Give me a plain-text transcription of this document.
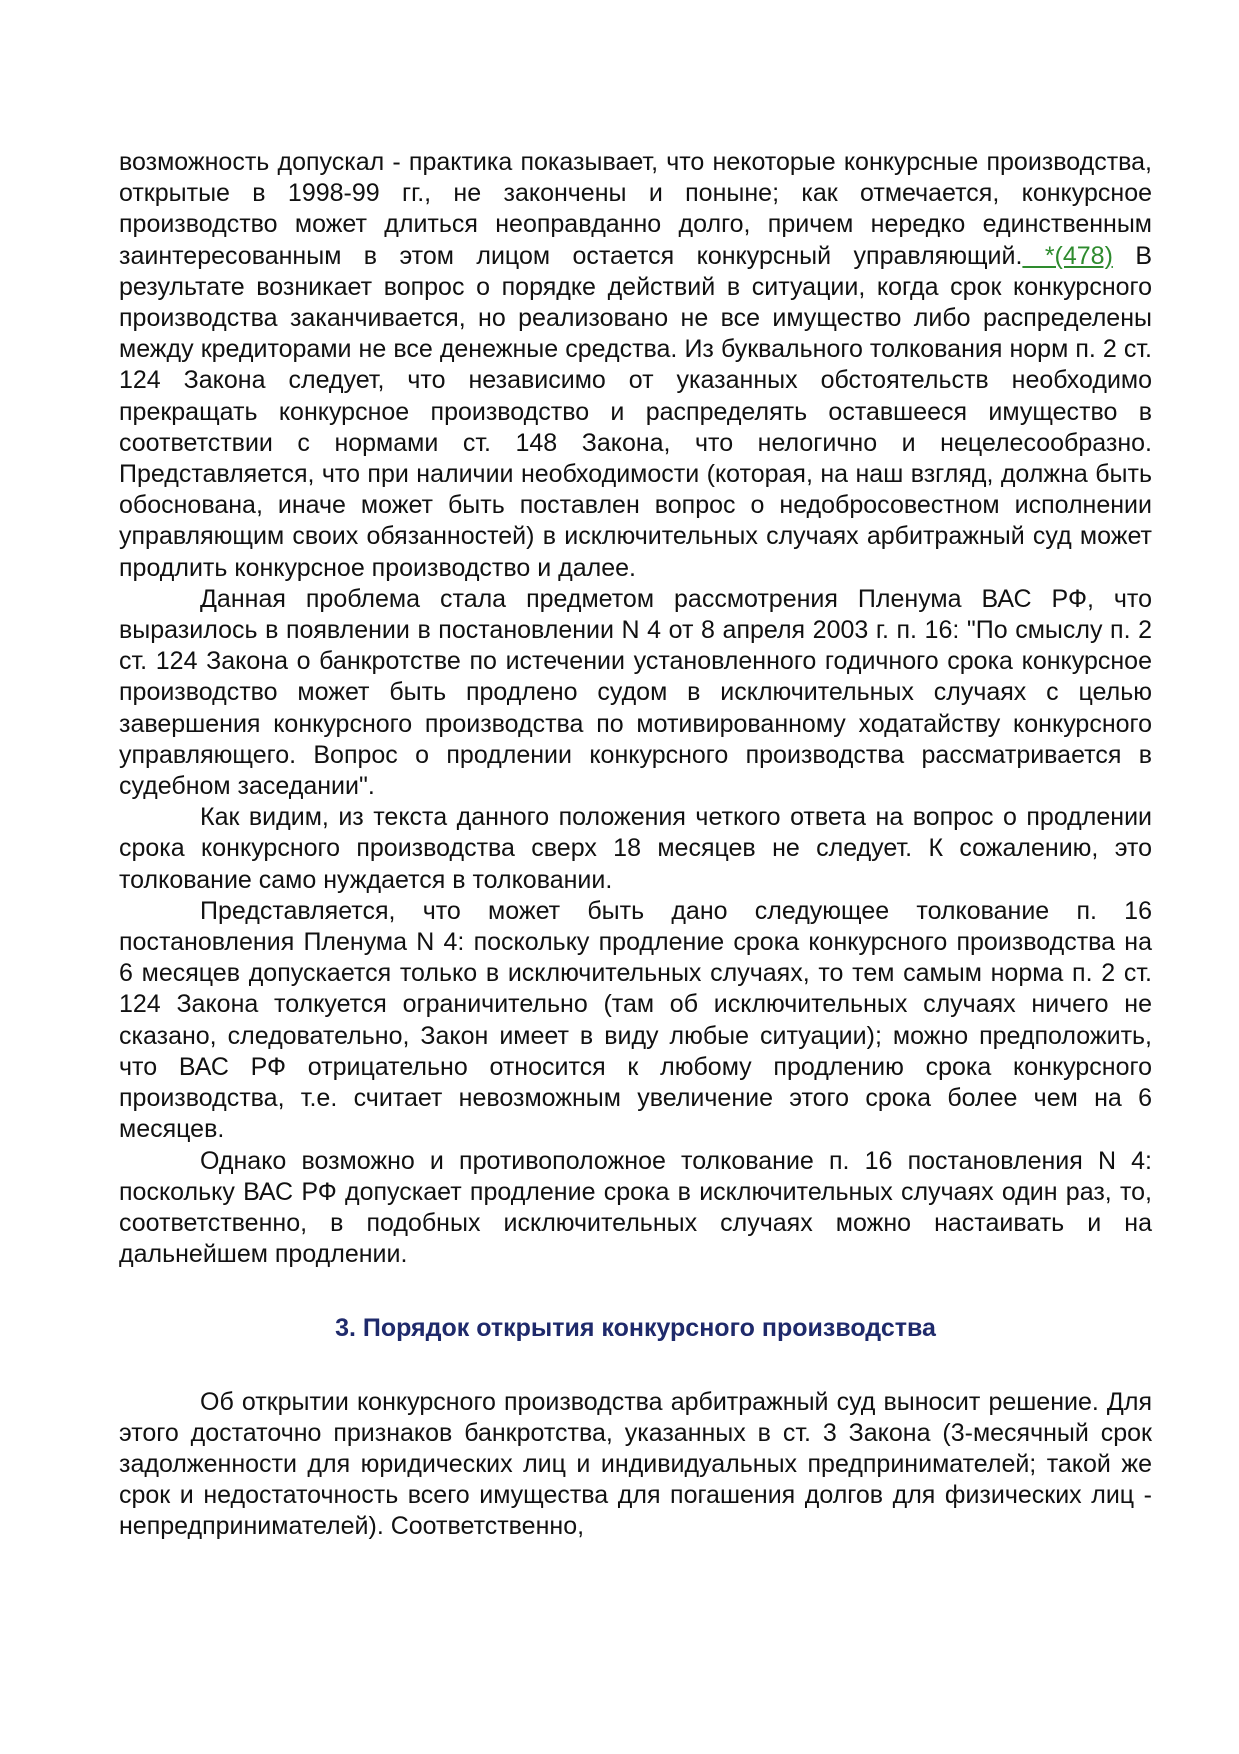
возможность допускал - практика показывает, что некоторые конкурсные производства, открытые в 1998-99 гг., не закончены и поныне; как отмечается, конкурсное производство может длиться неоправданно долго, причем нередко единственным заинтересованным в этом лицом остается конкурсный управляющий. *(478) В результате возникает вопрос о порядке действий в ситуации, когда срок конкурсного производства заканчивается, но реализовано не все имущество либо распределены между кредиторами не все денежные средства. Из буквального толкования норм п. 2 ст. 124 Закона следует, что независимо от указанных обстоятельств необходимо прекращать конкурсное производство и распределять оставшееся имущество в соответствии с нормами ст. 148 Закона, что нелогично и нецелесообразно. Представляется, что при наличии необходимости (которая, на наш взгляд, должна быть обоснована, иначе может быть поставлен вопрос о недобросовестном исполнении управляющим своих обязанностей) в исключительных случаях арбитражный суд может продлить конкурсное производство и далее.

Данная проблема стала предметом рассмотрения Пленума ВАС РФ, что выразилось в появлении в постановлении N 4 от 8 апреля 2003 г. п. 16: "По смыслу п. 2 ст. 124 Закона о банкротстве по истечении установленного годичного срока конкурсное производство может быть продлено судом в исключительных случаях с целью завершения конкурсного производства по мотивированному ходатайству конкурсного управляющего. Вопрос о продлении конкурсного производства рассматривается в судебном заседании".

Как видим, из текста данного положения четкого ответа на вопрос о продлении срока конкурсного производства сверх 18 месяцев не следует. К сожалению, это толкование само нуждается в толковании.

Представляется, что может быть дано следующее толкование п. 16 постановления Пленума N 4: поскольку продление срока конкурсного производства на 6 месяцев допускается только в исключительных случаях, то тем самым норма п. 2 ст. 124 Закона толкуется ограничительно (там об исключительных случаях ничего не сказано, следовательно, Закон имеет в виду любые ситуации); можно предположить, что ВАС РФ отрицательно относится к любому продлению срока конкурсного производства, т.е. считает невозможным увеличение этого срока более чем на 6 месяцев.

Однако возможно и противоположное толкование п. 16 постановления N 4: поскольку ВАС РФ допускает продление срока в исключительных случаях один раз, то, соответственно, в подобных исключительных случаях можно настаивать и на дальнейшем продлении.

3. Порядок открытия конкурсного производства

Об открытии конкурсного производства арбитражный суд выносит решение. Для этого достаточно признаков банкротства, указанных в ст. 3 Закона (3-месячный срок задолженности для юридических лиц и индивидуальных предпринимателей; такой же срок и недостаточность всего имущества для погашения долгов для физических лиц - непредпринимателей). Соответственно,
